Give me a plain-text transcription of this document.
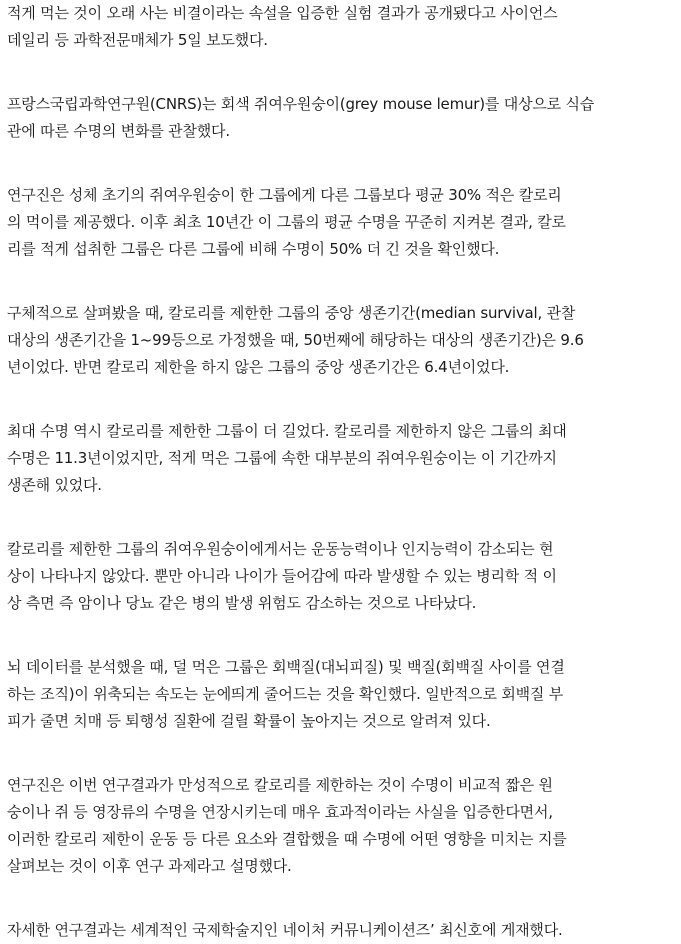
적게 먹는 것이 오래 사는 비결이라는 속설을 입증한 실험 결과가 공개됐다고 사이언스
데일리 등 과학전문매체가 5일 보도했다.
프랑스국립과학연구원(CNRS)는 회색 쥐여우원숭이(grey mouse lemur)를 대상으로 식습
관에 따른 수명의 변화를 관찰했다.
연구진은 성체 초기의 쥐여우원숭이 한 그룹에게 다른 그룹보다 평균 30% 적은 칼로리
의 먹이를 제공했다. 이후 최초 10년간 이 그룹의 평균 수명을 꾸준히 지켜본 결과, 칼로
리를 적게 섭취한 그룹은 다른 그룹에 비해 수명이 50% 더 긴 것을 확인했다.
구체적으로 살펴봤을 때, 칼로리를 제한한 그룹의 중앙 생존기간(median survival, 관찰
대상의 생존기간을 1~99등으로 가정했을 때, 50번째에 해당하는 대상의 생존기간)은 9.6
년이었다. 반면 칼로리 제한을 하지 않은 그룹의 중앙 생존기간은 6.4년이었다.
최대 수명 역시 칼로리를 제한한 그룹이 더 길었다. 칼로리를 제한하지 않은 그룹의 최대
수명은 11.3년이었지만, 적게 먹은 그룹에 속한 대부분의 쥐여우원숭이는 이 기간까지
생존해 있었다.
칼로리를 제한한 그룹의 쥐여우원숭이에게서는 운동능력이나 인지능력이 감소되는 현
상이 나타나지 않았다. 뿐만 아니라 나이가 들어감에 따라 발생할 수 있는 병리학 적 이
상 측면 즉 암이나 당뇨 같은 병의 발생 위험도 감소하는 것으로 나타났다.
뇌 데이터를 분석했을 때, 덜 먹은 그룹은 회백질(대뇌피질) 및 백질(회백질 사이를 연결
하는 조직)이 위축되는 속도는 눈에띄게 줄어드는 것을 확인했다. 일반적으로 회백질 부
피가 줄면 치매 등 퇴행성 질환에 걸릴 확률이 높아지는 것으로 알려져 있다.
연구진은 이번 연구결과가 만성적으로 칼로리를 제한하는 것이 수명이 비교적 짧은 원
숭이나 쥐 등 영장류의 수명을 연장시키는데 매우 효과적이라는 사실을 입증한다면서,
이러한 칼로리 제한이 운동 등 다른 요소와 결합했을 때 수명에 어떤 영향을 미치는 지를
살펴보는 것이 이후 연구 과제라고 설명했다.
자세한 연구결과는 세계적인 국제학술지인 네이처 커뮤니케이션즈’ 최신호에 게재했다.
